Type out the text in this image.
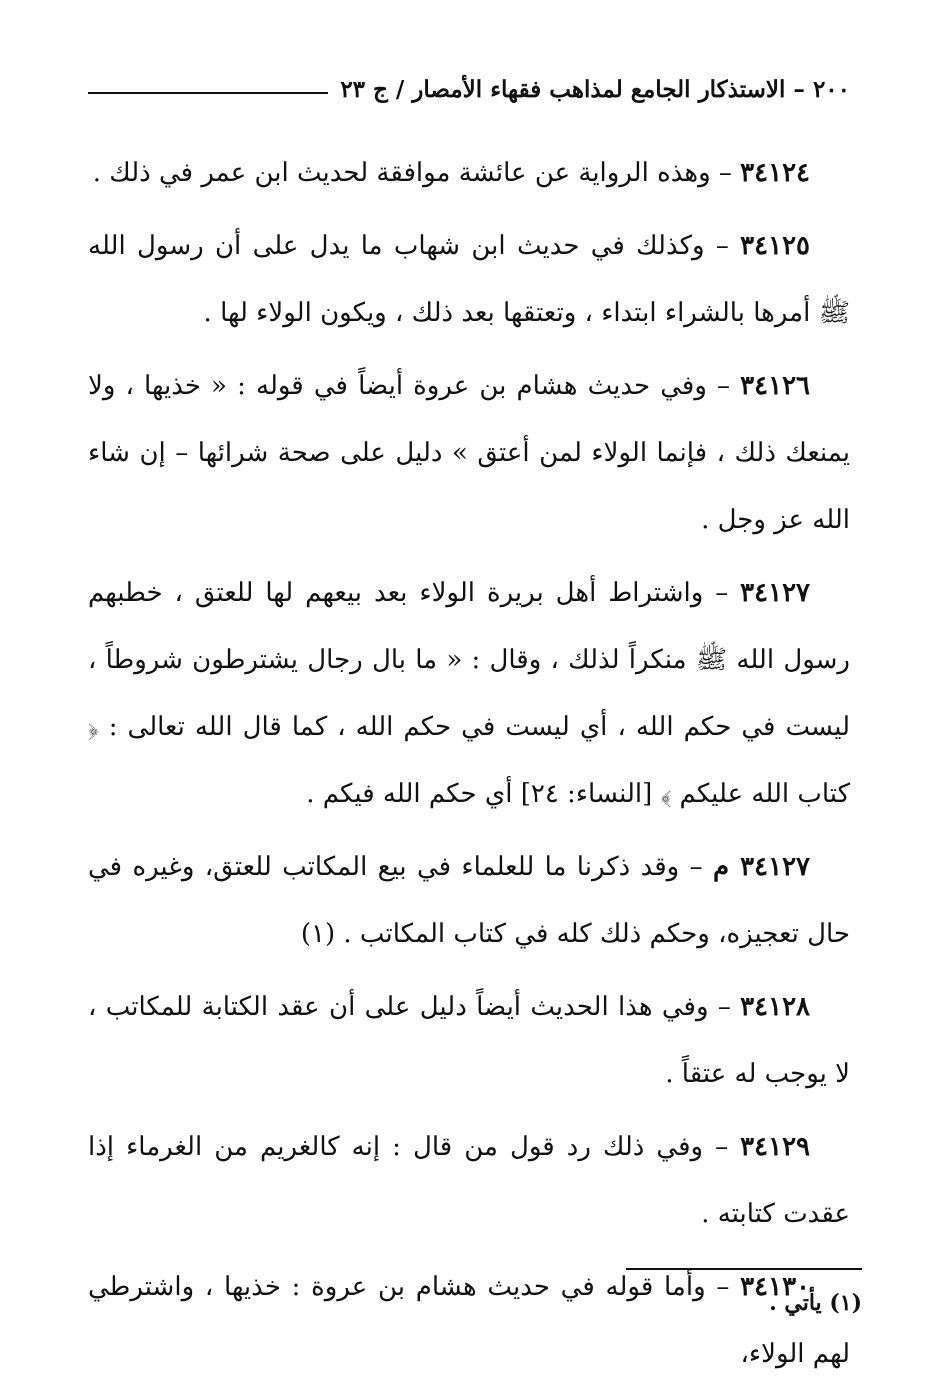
٢٠٠ – الاستذكار الجامع لمذاهب فقهاء الأمصار / ج ٢٣

٣٤١٢٤ – وهذه الرواية عن عائشة موافقة لحديث ابن عمر في ذلك .

٣٤١٢٥ – وكذلك في حديث ابن شهاب ما يدل على أن رسول الله ﷺ أمرها بالشراء ابتداء ، وتعتقها بعد ذلك ، ويكون الولاء لها .

٣٤١٢٦ – وفي حديث هشام بن عروة أيضاً في قوله : « خذيها ، ولا يمنعك ذلك ، فإنما الولاء لمن أعتق » دليل على صحة شرائها – إن شاء الله عز وجل .

٣٤١٢٧ – واشتراط أهل بريرة الولاء بعد بيعهم لها للعتق ، خطبهم رسول الله ﷺ منكراً لذلك ، وقال : « ما بال رجال يشترطون شروطاً ، ليست في حكم الله ، أي ليست في حكم الله ، كما قال الله تعالى : ﴿ كتاب الله عليكم ﴾ [النساء: ٢٤] أي حكم الله فيكم .

٣٤١٢٧ م – وقد ذكرنا ما للعلماء في بيع المكاتب للعتق، وغيره في حال تعجيزه، وحكم ذلك كله في كتاب المكاتب . (١)

٣٤١٢٨ – وفي هذا الحديث أيضاً دليل على أن عقد الكتابة للمكاتب ، لا يوجب له عتقاً .

٣٤١٢٩ – وفي ذلك رد قول من قال : إنه كالغريم من الغرماء إذا عقدت كتابته .

٣٤١٣٠ – وأما قوله في حديث هشام بن عروة : خذيها ، واشترطي لهم الولاء،

(١) يأتي .
